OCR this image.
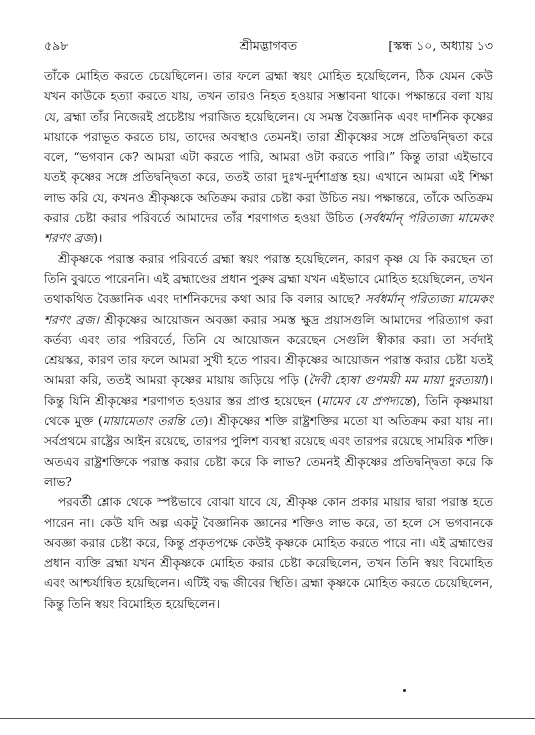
৫৯৮	শ্রীমদ্ভাগবত	[স্কন্ধ ১০, অধ্যায় ১৩

তাঁকে মোহিত করতে চেয়েছিলেন। তার ফলে ব্রহ্মা স্বয়ং মোহিত হয়েছিলেন, ঠিক যেমন কেউ যখন কাউকে হত্যা করতে যায়, তখন তারও নিহত হওয়ার সম্ভাবনা থাকে। পক্ষান্তরে বলা যায় যে, ব্রহ্মা তাঁর নিজেরই প্রচেষ্টায় পরাজিত হয়েছিলেন। যে সমস্ত বৈজ্ঞানিক এবং দার্শনিক কৃষ্ণের মায়াকে পরাভূত করতে চায়, তাদের অবস্থাও তেমনই। তারা শ্রীকৃষ্ণের সঙ্গে প্রতিদ্বন্দ্বিতা করে বলে, “ভগবান কে? আমরা এটা করতে পারি, আমরা ওটা করতে পারি।” কিন্তু তারা এইভাবে যতই কৃষ্ণের সঙ্গে প্রতিদ্বন্দ্বিতা করে, ততই তারা দুঃখ-দুর্দশাগ্রস্ত হয়। এখানে আমরা এই শিক্ষা লাভ করি যে, কখনও শ্রীকৃষ্ণকে অতিক্রম করার চেষ্টা করা উচিত নয়। পক্ষান্তরে, তাঁকে অতিক্রম করার চেষ্টা করার পরিবর্তে আমাদের তাঁর শরণাগত হওয়া উচিত (সর্বধর্মান্ পরিত্যজ্য মামেকং শরণং ব্রজ)।

শ্রীকৃষ্ণকে পরাস্ত করার পরিবর্তে ব্রহ্মা স্বয়ং পরাস্ত হয়েছিলেন, কারণ কৃষ্ণ যে কি করছেন তা তিনি বুঝতে পারেননি। এই ব্রহ্মাণ্ডের প্রধান পুরুষ ব্রহ্মা যখন এইভাবে মোহিত হয়েছিলেন, তখন তথাকথিত বৈজ্ঞানিক এবং দার্শনিকদের কথা আর কি বলার আছে? সর্বধর্মান্ পরিত্যজ্য মামেকং শরণং ব্রজ। শ্রীকৃষ্ণের আয়োজন অবজ্ঞা করার সমস্ত ক্ষুদ্র প্রয়াসগুলি আমাদের পরিত্যাগ করা কর্তব্য এবং তার পরিবর্তে, তিনি যে আয়োজন করেছেন সেগুলি স্বীকার করা। তা সর্বদাই শ্রেয়স্কর, কারণ তার ফলে আমরা সুখী হতে পারব। শ্রীকৃষ্ণের আয়োজন পরাস্ত করার চেষ্টা যতই আমরা করি, ততই আমরা কৃষ্ণের মায়ায় জড়িয়ে পড়ি (দৈবী হ্যেষা গুণময়ী মম মায়া দুরত্যয়া)। কিন্তু যিনি শ্রীকৃষ্ণের শরণাগত হওয়ার স্তর প্রাপ্ত হয়েছেন (মামেব যে প্রপদ্যন্তে), তিনি কৃষ্ণমায়া থেকে মুক্ত (মায়ামেতাং তরন্তি তে)। শ্রীকৃষ্ণের শক্তি রাষ্ট্রশক্তির মতো যা অতিক্রম করা যায় না। সর্বপ্রথমে রাষ্ট্রের আইন রয়েছে, তারপর পুলিশ ব্যবস্থা রয়েছে এবং তারপর রয়েছে সামরিক শক্তি। অতএব রাষ্ট্রশক্তিকে পরাস্ত করার চেষ্টা করে কি লাভ? তেমনই শ্রীকৃষ্ণের প্রতিদ্বন্দ্বিতা করে কি লাভ?

পরবর্তী শ্লোক থেকে স্পষ্টভাবে বোঝা যাবে যে, শ্রীকৃষ্ণ কোন প্রকার মায়ার দ্বারা পরাস্ত হতে পারেন না। কেউ যদি অল্প একটু বৈজ্ঞানিক জ্ঞানের শক্তিও লাভ করে, তা হলে সে ভগবানকে অবজ্ঞা করার চেষ্টা করে, কিন্তু প্রকৃতপক্ষে কেউই কৃষ্ণকে মোহিত করতে পারে না। এই ব্রহ্মাণ্ডের প্রধান ব্যক্তি ব্রহ্মা যখন শ্রীকৃষ্ণকে মোহিত করার চেষ্টা করেছিলেন, তখন তিনি স্বয়ং বিমোহিত এবং আশ্চর্যান্বিত হয়েছিলেন। এটিই বদ্ধ জীবের স্থিতি। ব্রহ্মা কৃষ্ণকে মোহিত করতে চেয়েছিলেন, কিন্তু তিনি স্বয়ং বিমোহিত হয়েছিলেন।
